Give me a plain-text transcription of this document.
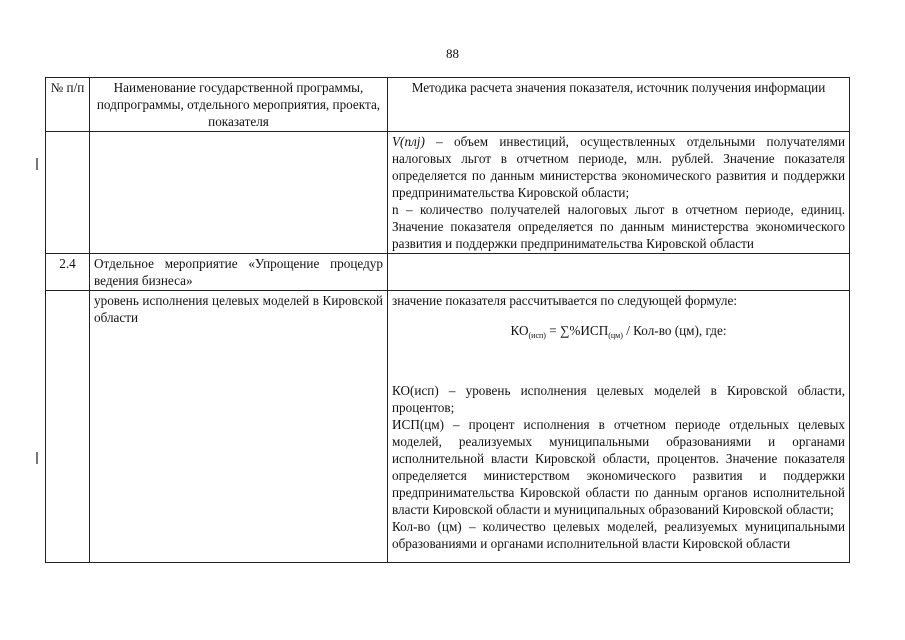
88
№ п/п	Наименование государственной программы, подпрограммы, отдельного мероприятия, проекта, показателя	Методика расчета значения показателя, источник получения информации

		V(плj) – объем инвестиций, осуществленных отдельными получателями налоговых льгот в отчетном периоде, млн. рублей. Значение показателя определяется по данным министерства экономического развития и поддержки предпринимательства Кировской области;
n – количество получателей налоговых льгот в отчетном периоде, единиц. Значение показателя определяется по данным министерства экономического развития и поддержки предпринимательства Кировской области

2.4	Отдельное мероприятие «Упрощение процедур ведения бизнеса»	
	уровень исполнения целевых моделей в Кировской области	значение показателя рассчитывается по следующей формуле:
$КО_{(исп)} = \sum\%ИСП_{(цм)} / Кол-во$ (цм), где:
КО(исп) – уровень исполнения целевых моделей в Кировской области, процентов;
ИСП(цм) – процент исполнения в отчетном периоде отдельных целевых моделей, реализуемых муниципальными образованиями и органами исполнительной власти Кировской области, процентов. Значение показателя определяется министерством экономического развития и поддержки предпринимательства Кировской области по данным органов исполнительной власти Кировской области и муниципальных образований Кировской области;
Кол-во (цм) – количество целевых моделей, реализуемых муниципальными образованиями и органами исполнительной власти Кировской области
